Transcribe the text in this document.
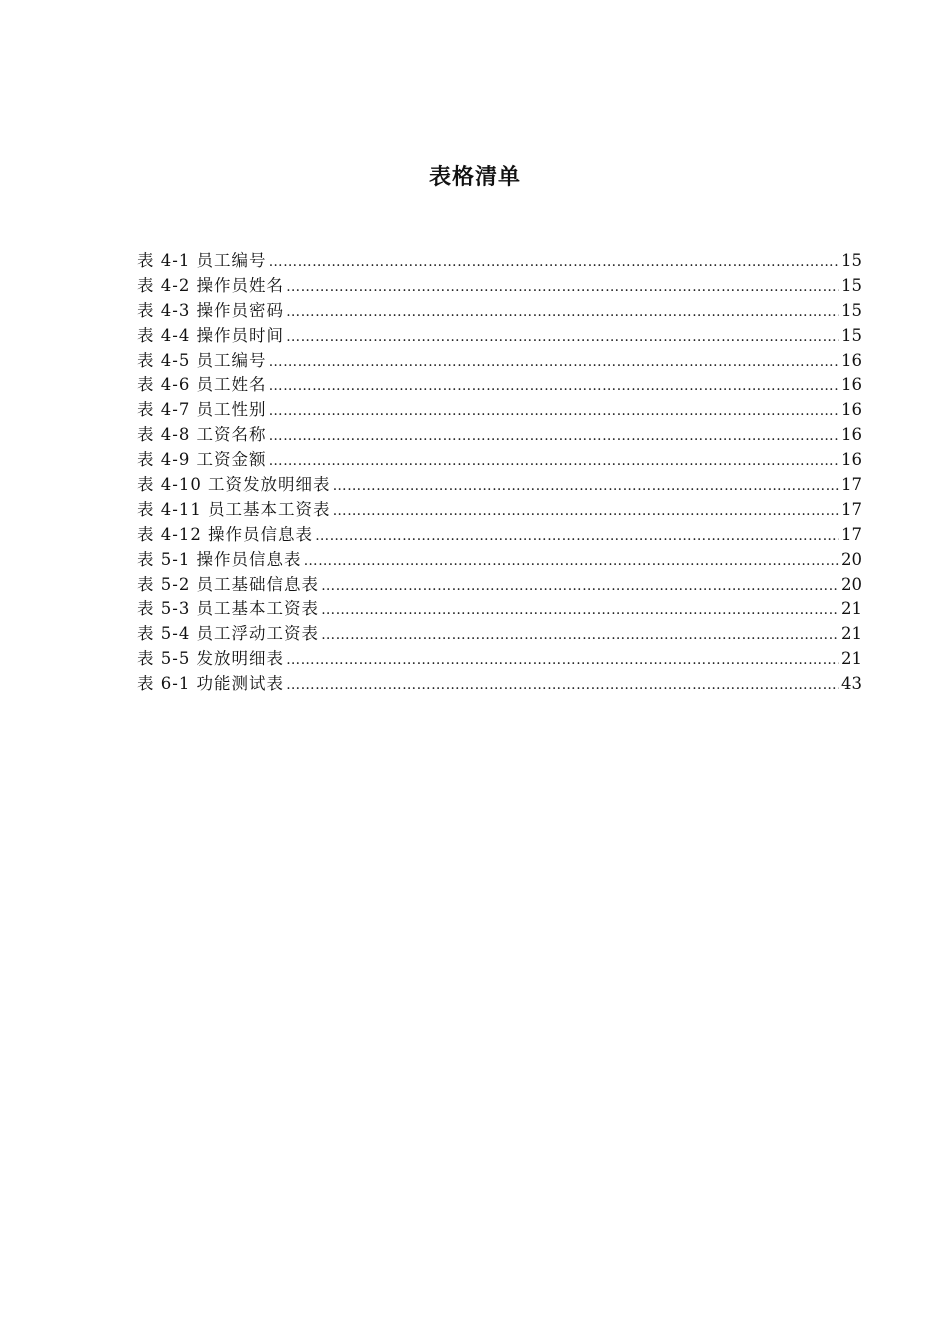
表格清单
表 4-1 员工编号 ……………………………………………………………………………………………………………………………………………………………………………………………………	15
表 4-2 操作员姓名 ……………………………………………………………………………………………………………………………………………………………………………………………………	15
表 4-3 操作员密码 ……………………………………………………………………………………………………………………………………………………………………………………………………	15
表 4-4 操作员时间 ……………………………………………………………………………………………………………………………………………………………………………………………………	15
表 4-5 员工编号 ……………………………………………………………………………………………………………………………………………………………………………………………………	16
表 4-6 员工姓名 ……………………………………………………………………………………………………………………………………………………………………………………………………	16
表 4-7 员工性别 ……………………………………………………………………………………………………………………………………………………………………………………………………	16
表 4-8 工资名称 ……………………………………………………………………………………………………………………………………………………………………………………………………	16
表 4-9 工资金额 ……………………………………………………………………………………………………………………………………………………………………………………………………	16
表 4-10 工资发放明细表 ……………………………………………………………………………………………………………………………………………………………………………………………………	17
表 4-11 员工基本工资表 ……………………………………………………………………………………………………………………………………………………………………………………………………	17
表 4-12 操作员信息表 ……………………………………………………………………………………………………………………………………………………………………………………………………	17
表 5-1 操作员信息表 ……………………………………………………………………………………………………………………………………………………………………………………………………	20
表 5-2 员工基础信息表 ……………………………………………………………………………………………………………………………………………………………………………………………………	20
表 5-3 员工基本工资表 ……………………………………………………………………………………………………………………………………………………………………………………………………	21
表 5-4 员工浮动工资表 ……………………………………………………………………………………………………………………………………………………………………………………………………	21
表 5-5 发放明细表 ……………………………………………………………………………………………………………………………………………………………………………………………………	21
表 6-1 功能测试表 ……………………………………………………………………………………………………………………………………………………………………………………………………	43
